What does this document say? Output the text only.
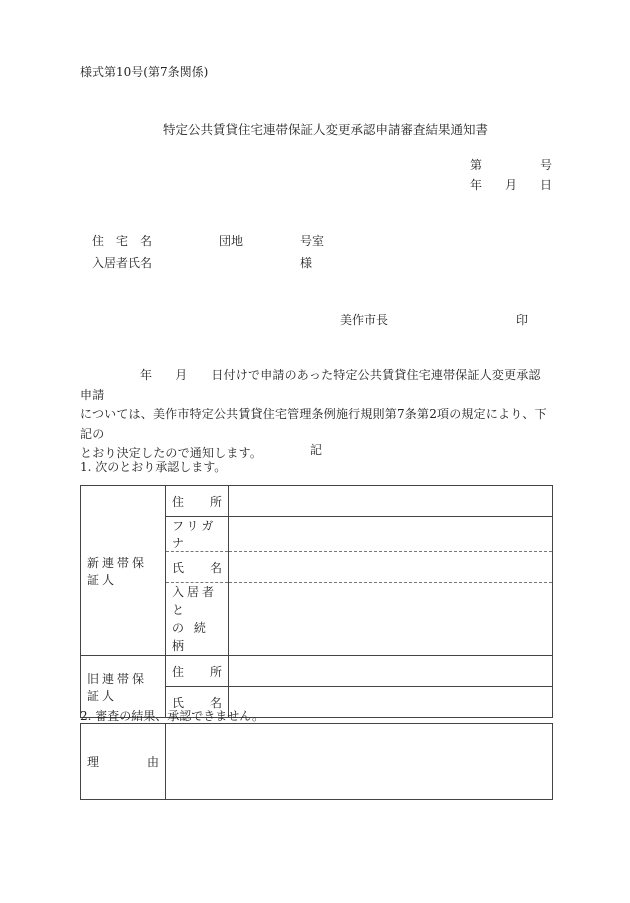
様式第10号(第7条関係)
特定公共賃貸住宅連帯保証人変更承認申請審査結果通知書
第	号
年 月 日
住　宅　名	団地	号室
入居者氏名	様
美作市長	印
年 月 日付けで申請のあった特定公共賃貸住宅連帯保証人変更承認申請
については、美作市特定公共賃貸住宅管理条例施行規則第7条第2項の規定により、下記の
とおり決定したので通知します。	記
1. 次のとおり承認します。
新連帯保証人	住 所	

	フリガナ	

	氏 名	

	入居者と
の 続 柄	

旧連帯保証人	住 所	

	氏 名	

2. 審査の結果、承認できません。
理	由
